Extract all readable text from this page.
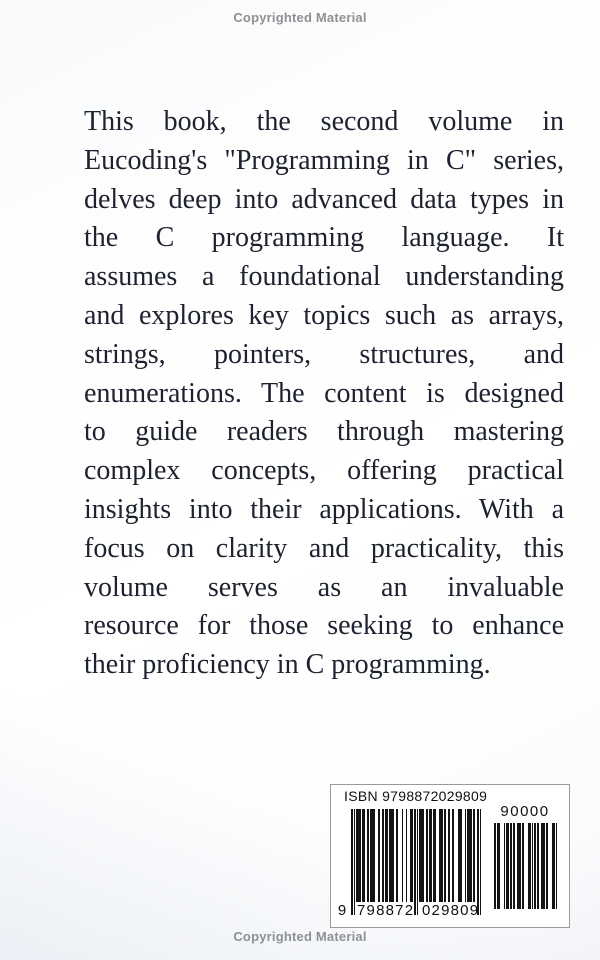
Copyrighted Material
This book, the second volume in
Eucoding's "Programming in C" series,
delves deep into advanced data types in
the C programming language. It
assumes a foundational understanding
and explores key topics such as arrays,
strings, pointers, structures, and
enumerations. The content is designed
to guide readers through mastering
complex concepts, offering practical
insights into their applications. With a
focus on clarity and practicality, this
volume serves as an invaluable
resource for those seeking to enhance
their proficiency in C programming.
ISBN 9798872029809
9 798872 029809
90000
Copyrighted Material
